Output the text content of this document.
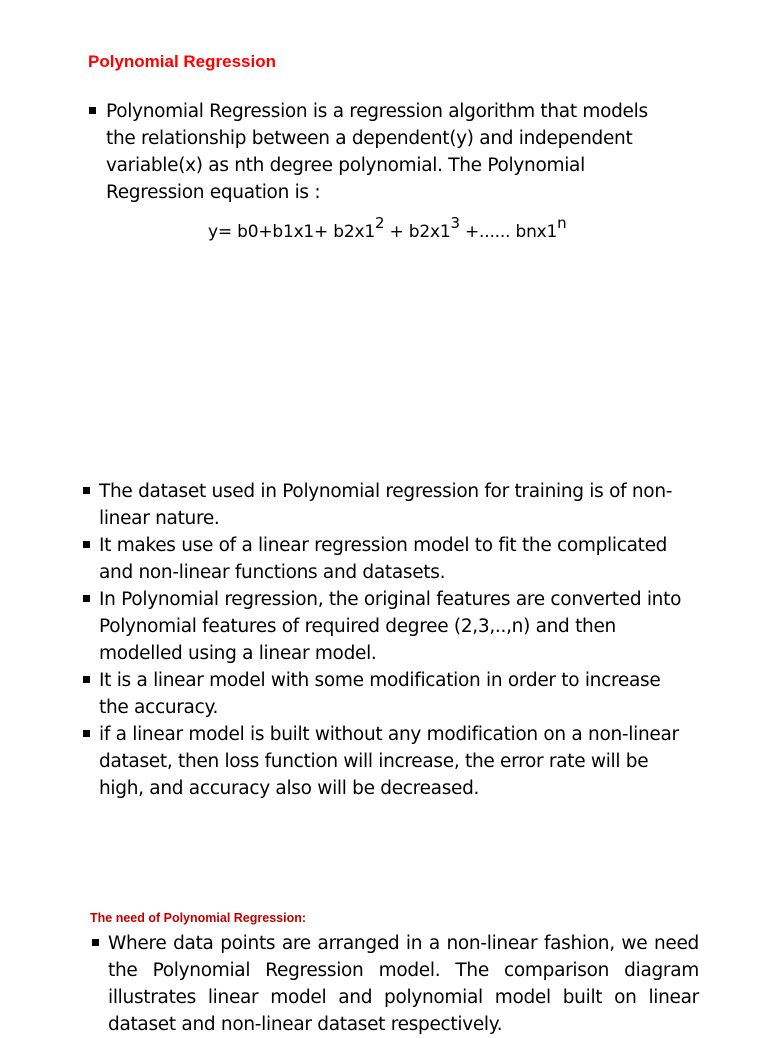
Polynomial Regression
Polynomial Regression is a regression algorithm that models the relationship between a dependent(y) and independent variable(x) as nth degree polynomial. The Polynomial Regression equation is :
$y= b0+b1x1+ b2x1^2 + b2x1^3$ +...... bnx1$^n$
The dataset used in Polynomial regression for training is of non-linear nature.
It makes use of a linear regression model to fit the complicated and non-linear functions and datasets.
In Polynomial regression, the original features are converted into Polynomial features of required degree (2,3,..,n) and then modelled using a linear model.
It is a linear model with some modification in order to increase the accuracy.
if a linear model is built without any modification on a non-linear dataset, then loss function will increase, the error rate will be high, and accuracy also will be decreased.
The need of Polynomial Regression:
Where data points are arranged in a non-linear fashion, we need the Polynomial Regression model. The comparison diagram illustrates linear model and polynomial model built on linear dataset and non-linear dataset respectively.
